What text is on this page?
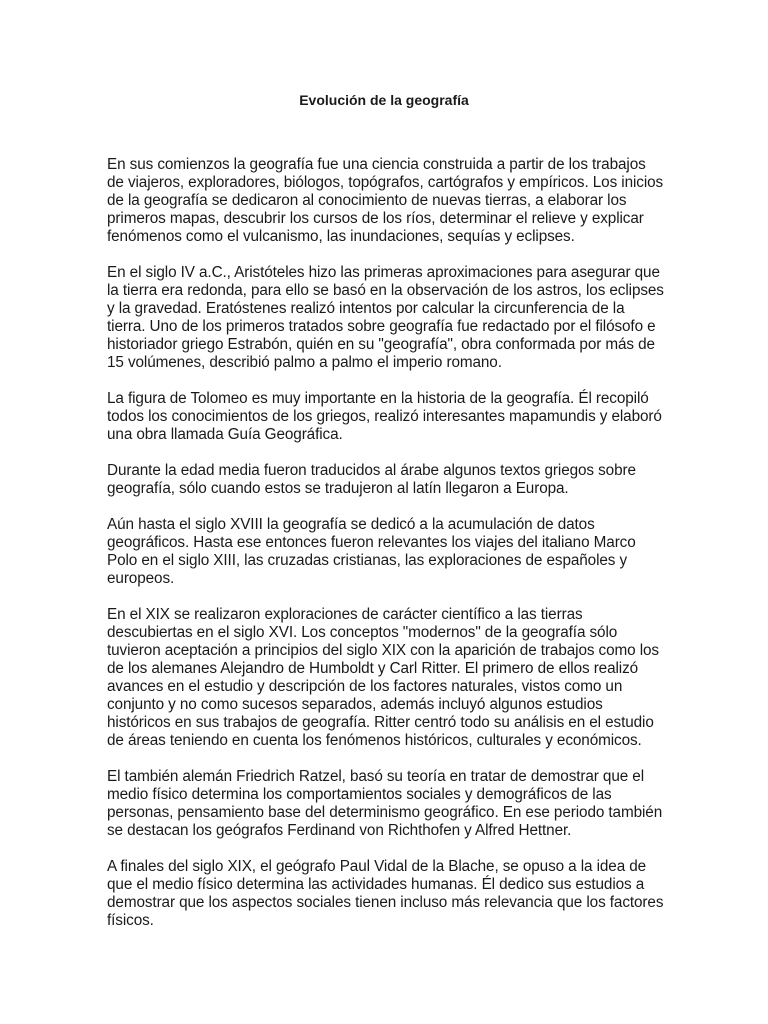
Evolución de la geografía

En sus comienzos la geografía fue una ciencia construida a partir de los trabajos de viajeros, exploradores, biólogos, topógrafos, cartógrafos y empíricos. Los inicios de la geografía se dedicaron al conocimiento de nuevas tierras, a elaborar los primeros mapas, descubrir los cursos de los ríos, determinar el relieve y explicar fenómenos como el vulcanismo, las inundaciones, sequías y eclipses.

En el siglo IV a.C., Aristóteles hizo las primeras aproximaciones para asegurar que la tierra era redonda, para ello se basó en la observación de los astros, los eclipses y la gravedad. Eratóstenes realizó intentos por calcular la circunferencia de la tierra. Uno de los primeros tratados sobre geografía fue redactado por el filósofo e historiador griego Estrabón, quién en su "geografía", obra conformada por más de 15 volúmenes, describió palmo a palmo el imperio romano.

La figura de Tolomeo es muy importante en la historia de la geografía. Él recopiló todos los conocimientos de los griegos, realizó interesantes mapamundis y elaboró una obra llamada Guía Geográfica.

Durante la edad media fueron traducidos al árabe algunos textos griegos sobre geografía, sólo cuando estos se tradujeron al latín llegaron a Europa.

Aún hasta el siglo XVIII la geografía se dedicó a la acumulación de datos geográficos. Hasta ese entonces fueron relevantes los viajes del italiano Marco Polo en el siglo XIII, las cruzadas cristianas, las exploraciones de españoles y europeos.

En el XIX se realizaron exploraciones de carácter científico a las tierras descubiertas en el siglo XVI. Los conceptos "modernos" de la geografía sólo tuvieron aceptación a principios del siglo XIX con la aparición de trabajos como los de los alemanes Alejandro de Humboldt y Carl Ritter. El primero de ellos realizó avances en el estudio y descripción de los factores naturales, vistos como un conjunto y no como sucesos separados, además incluyó algunos estudios históricos en sus trabajos de geografía. Ritter centró todo su análisis en el estudio de áreas teniendo en cuenta los fenómenos históricos, culturales y económicos.

El también alemán Friedrich Ratzel, basó su teoría en tratar de demostrar que el medio físico determina los comportamientos sociales y demográficos de las personas, pensamiento base del determinismo geográfico. En ese periodo también se destacan los geógrafos Ferdinand von Richthofen y Alfred Hettner.

A finales del siglo XIX, el geógrafo Paul Vidal de la Blache, se opuso a la idea de que el medio físico determina las actividades humanas. Él dedico sus estudios a demostrar que los aspectos sociales tienen incluso más relevancia que los factores físicos.
